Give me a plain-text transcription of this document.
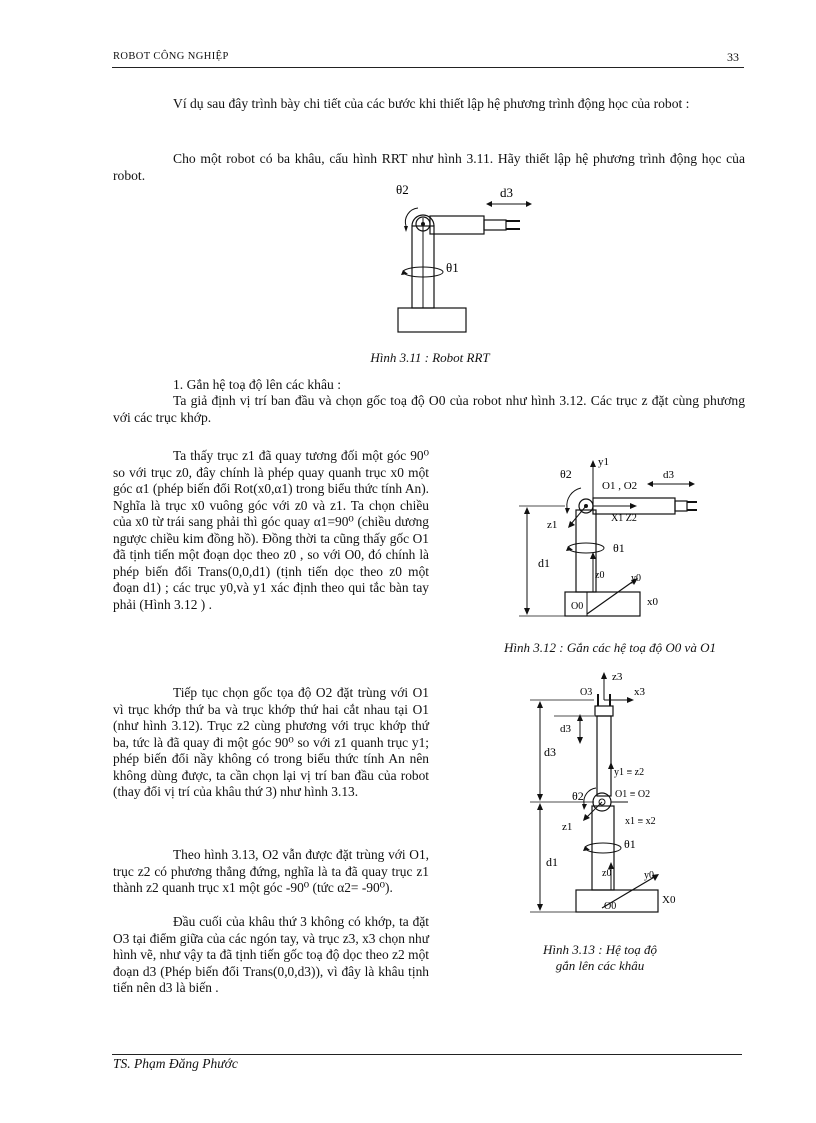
ROBOT CÔNG NGHIỆP	33

Ví dụ sau đây trình bày chi tiết của các bước khi thiết lập hệ phương trình động học của robot :

Cho một robot có ba khâu, cấu hình RRT như hình 3.11. Hãy thiết lập hệ phương trình động học của robot.

θ2	d3
θ1
Hình 3.11 : Robot RRT

1. Gắn hệ toạ độ lên các khâu :

Ta giả định vị trí ban đầu và chọn gốc toạ độ O0 của robot như hình 3.12. Các trục z đặt cùng phương với các trục khớp.

Ta thấy trục z1 đã quay tương đối một góc 90⁰ so với trục z0, đây chính là phép quay quanh trục x0 một góc α1 (phép biến đổi Rot(x0,α1) trong biểu thức tính An). Nghĩa là trục x0 vuông góc với z0 và z1. Ta chọn chiều của x0 từ trái sang phải thì góc quay α1=90⁰ (chiều dương ngược chiều kim đồng hồ). Đồng thời ta cũng thấy gốc O1 đã tịnh tiến một đoạn dọc theo z0 , so với O0, đó chính là phép biến đổi Trans(0,0,d1) (tịnh tiến dọc theo z0 một đoạn d1) ; các trục y0,và y1 xác định theo qui tắc bàn tay phải (Hình 3.12 ) .

Tiếp tục chọn gốc tọa độ O2 đặt trùng với O1 vì trục khớp thứ ba và trục khớp thứ hai cắt nhau tại O1 (như hình 3.12). Trục z2 cùng phương với trục khớp thứ ba, tức là đã quay đi một góc 90⁰ so với z1 quanh trục y1; phép biến đổi nầy không có trong biểu thức tính An nên không dùng được, ta cần chọn lại vị trí ban đầu của robot (thay đổi vị trí của khâu thứ 3) như hình 3.13.

Theo hình 3.13, O2 vẫn được đặt trùng với O1, trục z2 có phương thẳng đứng, nghĩa là ta đã quay trục z1 thành z2 quanh trục x1 một góc -90⁰ (tức α2= -90⁰).

Đầu cuối của khâu thứ 3 không có khớp, ta đặt O3 tại điểm giữa của các ngón tay, và trục z3, x3 chọn như hình vẽ, như vậy ta đã tịnh tiến gốc toạ độ dọc theo z2 một đoạn d3 (Phép biến đổi Trans(0,0,d3)), vì đây là khâu tịnh tiến nên d3 là biến .

y1
θ2
O1 , O2
d3
X1 Z2
z1
θ1
d1
z0	y0
O0	x0
Hình 3.12 : Gắn các hệ toạ độ O0 và O1
z3
O3	x3
d3
d3
y1 ≡ z2
θ2	O1 ≡ O2
z1	x1 ≡ x2
θ1
d1
z0	y0
O0
X0
Hình 3.13 : Hệ toạ độ
gắn lên các khâu
TS. Phạm Đăng Phước
